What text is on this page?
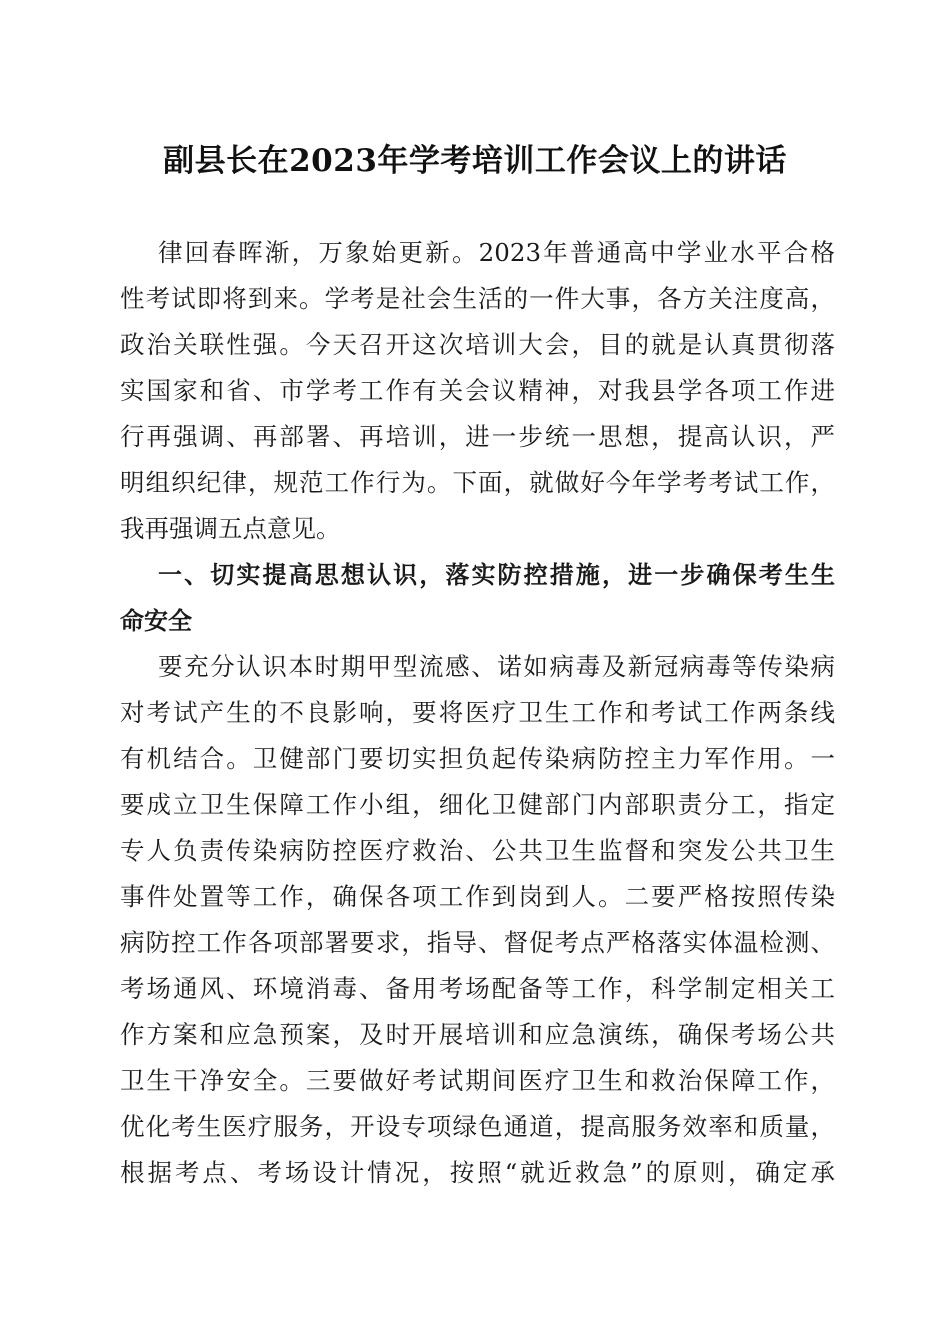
副县长在2023年学考培训工作会议上的讲话
律回春晖渐，万象始更新。2023年普通高中学业水平合格
性考试即将到来。学考是社会生活的一件大事，各方关注度高，
政治关联性强。今天召开这次培训大会，目的就是认真贯彻落
实国家和省、市学考工作有关会议精神，对我县学各项工作进
行再强调、再部署、再培训，进一步统一思想，提高认识，严
明组织纪律，规范工作行为。下面，就做好今年学考考试工作，
我再强调五点意见。
一、切实提高思想认识，落实防控措施，进一步确保考生生
命安全
要充分认识本时期甲型流感、诺如病毒及新冠病毒等传染病
对考试产生的不良影响，要将医疗卫生工作和考试工作两条线
有机结合。卫健部门要切实担负起传染病防控主力军作用。一
要成立卫生保障工作小组，细化卫健部门内部职责分工，指定
专人负责传染病防控医疗救治、公共卫生监督和突发公共卫生
事件处置等工作，确保各项工作到岗到人。二要严格按照传染
病防控工作各项部署要求，指导、督促考点严格落实体温检测、
考场通风、环境消毒、备用考场配备等工作，科学制定相关工
作方案和应急预案，及时开展培训和应急演练，确保考场公共
卫生干净安全。三要做好考试期间医疗卫生和救治保障工作，
优化考生医疗服务，开设专项绿色通道，提高服务效率和质量，
根据考点、考场设计情况，按照“就近救急”的原则，确定承
